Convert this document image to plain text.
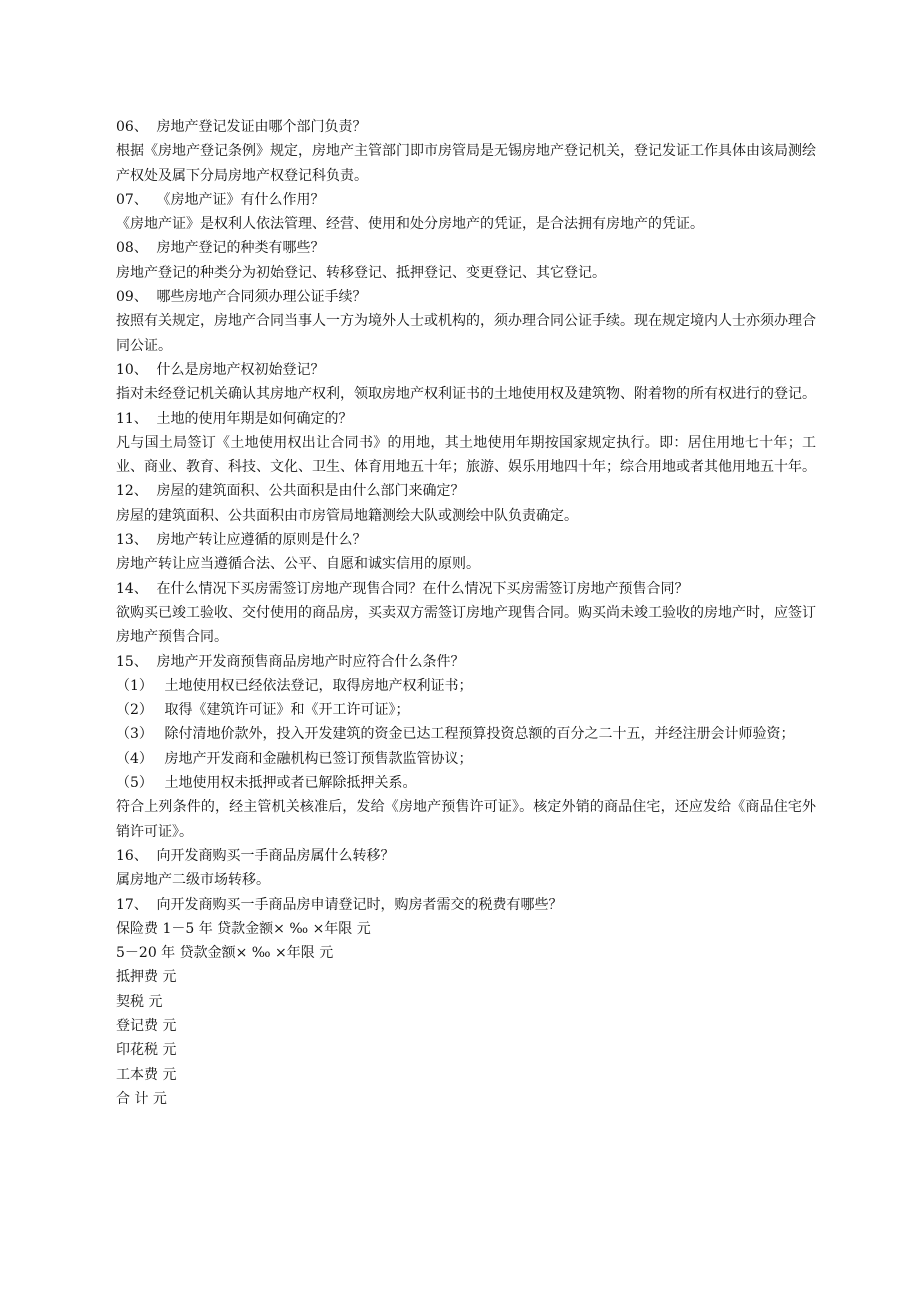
06、 房地产登记发证由哪个部门负责？
根据《房地产登记条例》规定，房地产主管部门即市房管局是无锡房地产登记机关，登记发证工作具体由该局测绘产权处及属下分局房地产权登记科负责。
07、 《房地产证》有什么作用？
《房地产证》是权利人依法管理、经营、使用和处分房地产的凭证，是合法拥有房地产的凭证。
08、 房地产登记的种类有哪些？
房地产登记的种类分为初始登记、转移登记、抵押登记、变更登记、其它登记。
09、 哪些房地产合同须办理公证手续？
按照有关规定，房地产合同当事人一方为境外人士或机构的，须办理合同公证手续。现在规定境内人士亦须办理合同公证。
10、 什么是房地产权初始登记？
指对未经登记机关确认其房地产权利，领取房地产权利证书的土地使用权及建筑物、附着物的所有权进行的登记。
11、 土地的使用年期是如何确定的？
凡与国土局签订《土地使用权出让合同书》的用地，其土地使用年期按国家规定执行。即：居住用地七十年；工业、商业、教育、科技、文化、卫生、体育用地五十年；旅游、娱乐用地四十年；综合用地或者其他用地五十年。
12、 房屋的建筑面积、公共面积是由什么部门来确定？
房屋的建筑面积、公共面积由市房管局地籍测绘大队或测绘中队负责确定。
13、 房地产转让应遵循的原则是什么？
房地产转让应当遵循合法、公平、自愿和诚实信用的原则。
14、 在什么情况下买房需签订房地产现售合同？在什么情况下买房需签订房地产预售合同？
欲购买已竣工验收、交付使用的商品房，买卖双方需签订房地产现售合同。购买尚未竣工验收的房地产时，应签订房地产预售合同。
15、 房地产开发商预售商品房地产时应符合什么条件？
（1） 土地使用权已经依法登记，取得房地产权利证书；
（2） 取得《建筑许可证》和《开工许可证》；
（3） 除付清地价款外，投入开发建筑的资金已达工程预算投资总额的百分之二十五，并经注册会计师验资；
（4） 房地产开发商和金融机构已签订预售款监管协议；
（5） 土地使用权未抵押或者已解除抵押关系。
符合上列条件的，经主管机关核准后，发给《房地产预售许可证》。核定外销的商品住宅，还应发给《商品住宅外销许可证》。
16、 向开发商购买一手商品房属什么转移？
属房地产二级市场转移。
17、 向开发商购买一手商品房申请登记时，购房者需交的税费有哪些？
保险费 1－5 年 贷款金额× ‰ ×年限 元
5－20 年 贷款金额× ‰ ×年限 元
抵押费 元
契税 元
登记费 元
印花税 元
工本费 元
合 计 元
